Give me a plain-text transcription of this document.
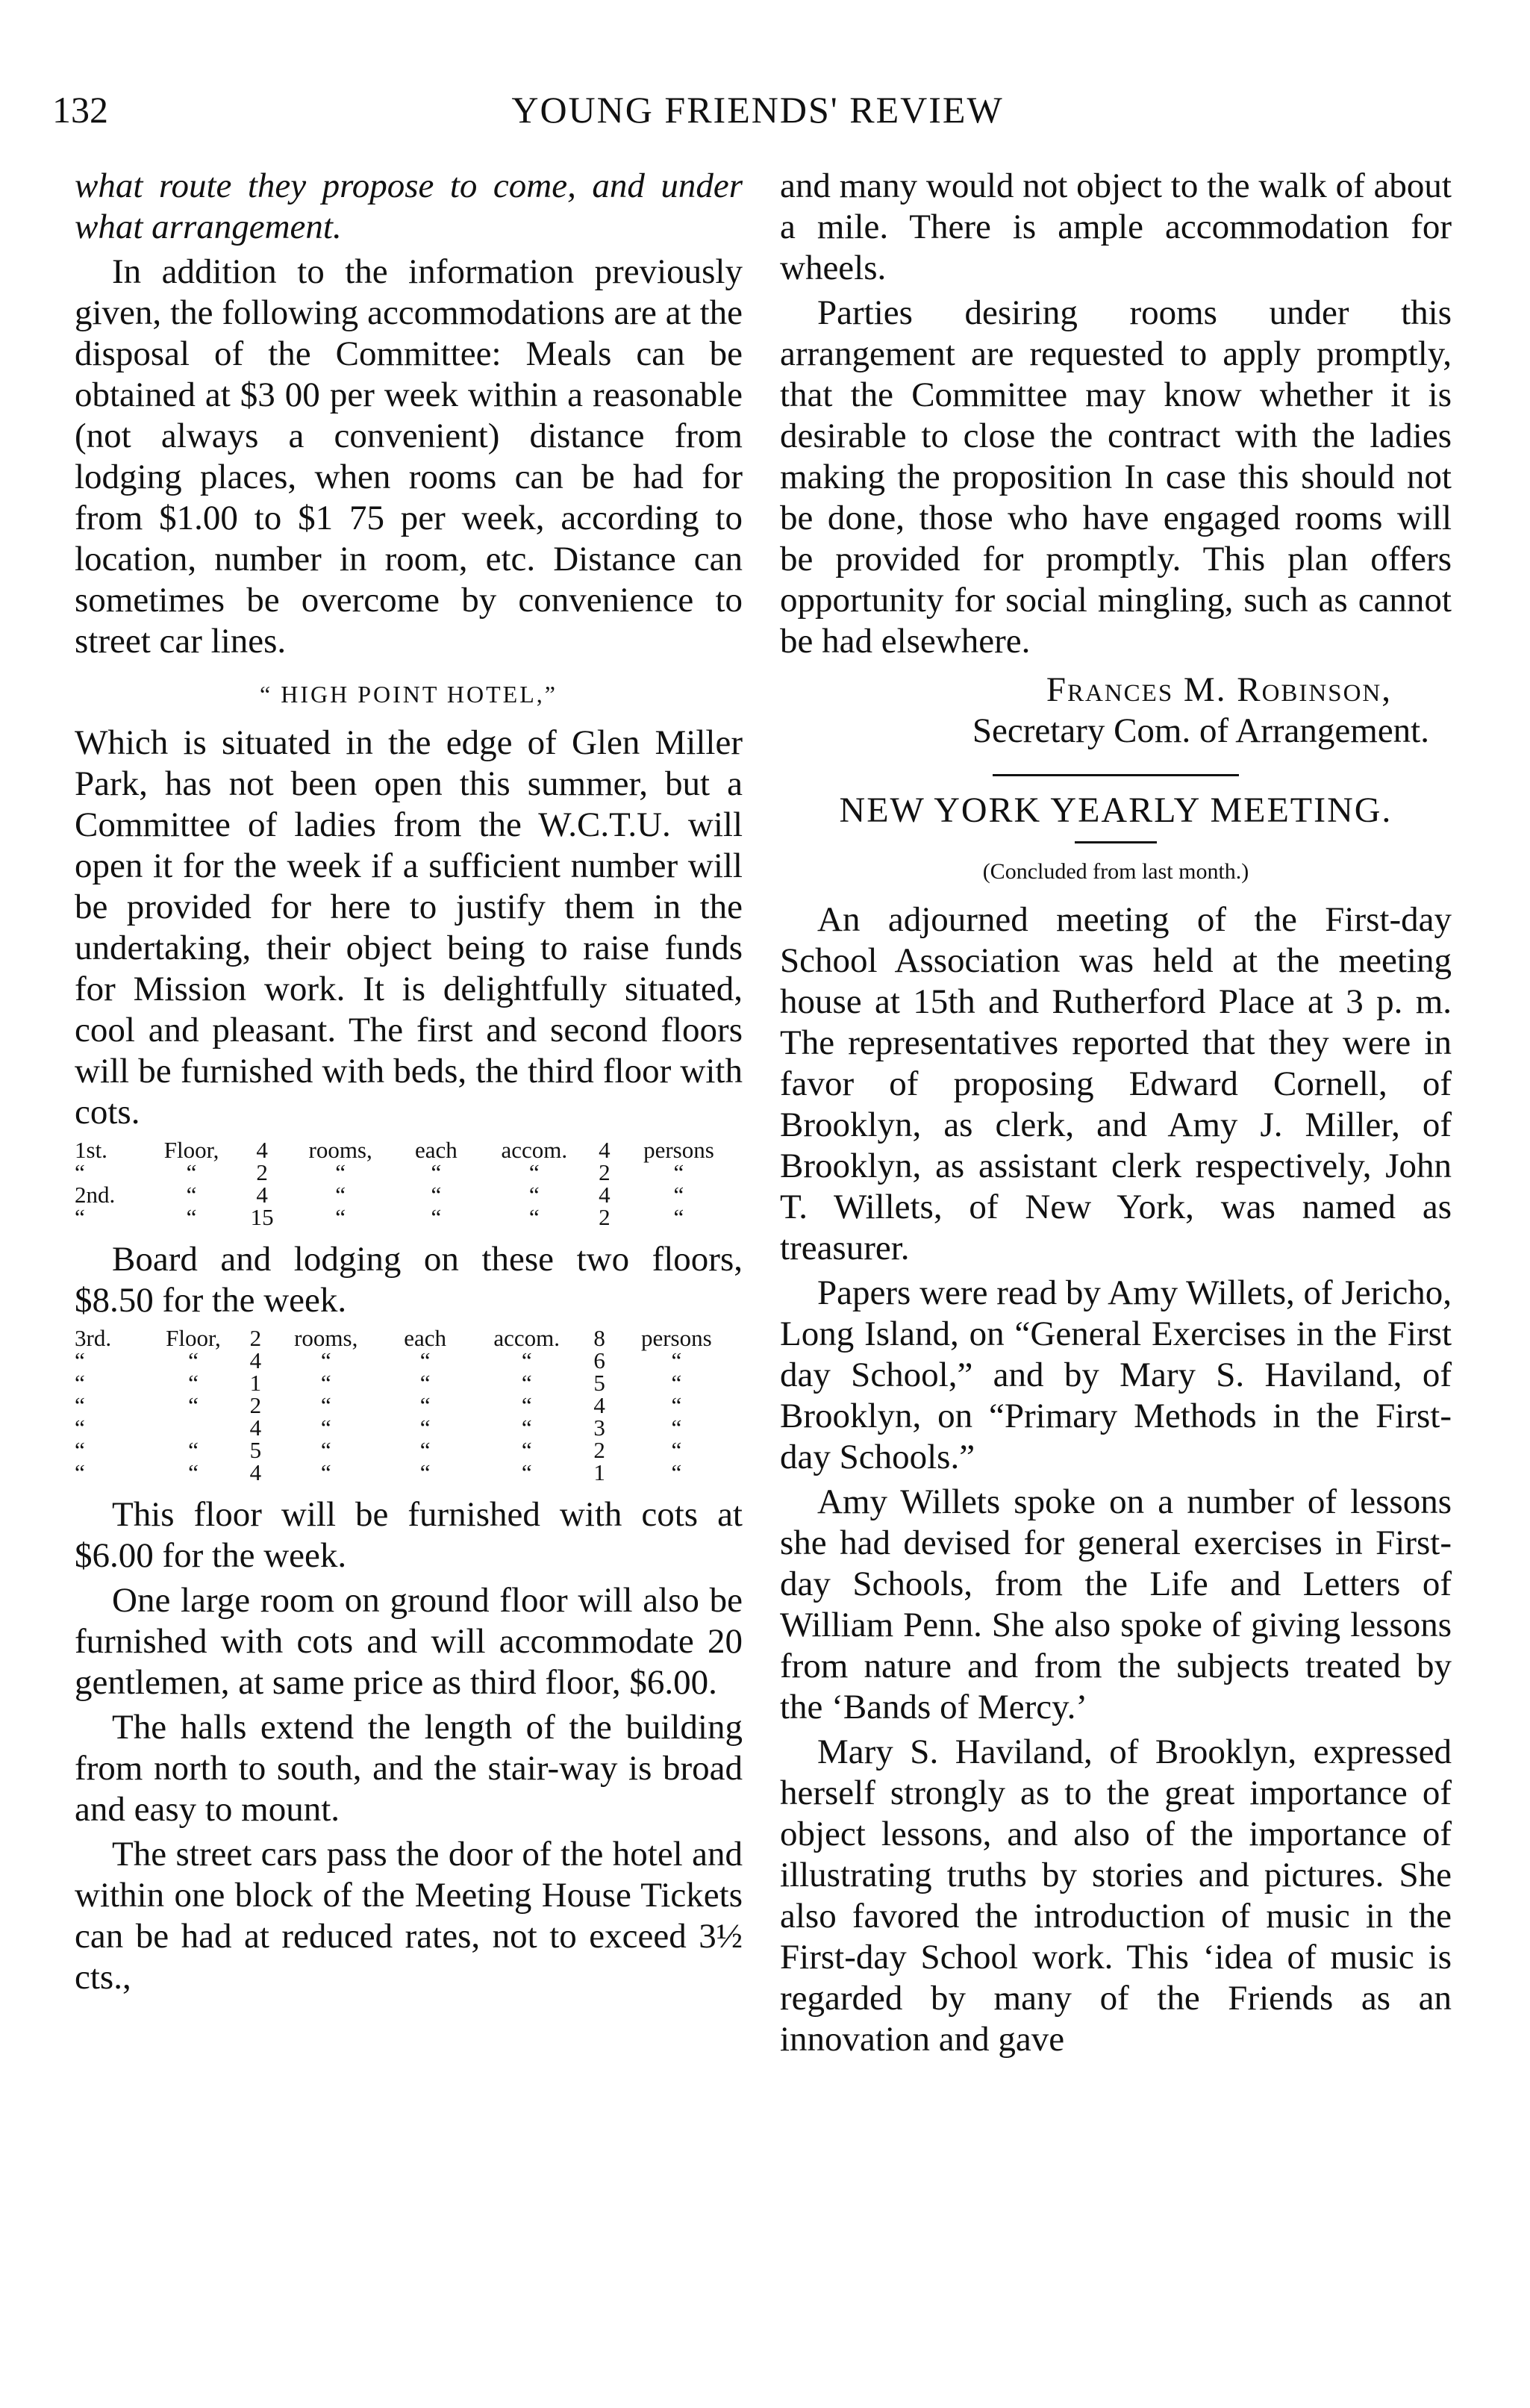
132	YOUNG FRIENDS' REVIEW

what route they propose to come, and under what arrangement.

In addition to the information previously given, the following accommodations are at the disposal of the Committee: Meals can be obtained at $3 00 per week within a reasonable (not always a convenient) distance from lodging places, when rooms can be had for from $1.00 to $1 75 per week, according to location, number in room, etc. Distance can sometimes be overcome by convenience to street car lines.

“ HIGH POINT HOTEL,”

Which is situated in the edge of Glen Miller Park, has not been open this summer, but a Committee of ladies from the W.C.T.U. will open it for the week if a sufficient number will be provided for here to justify them in the undertaking, their object being to raise funds for Mission work. It is delightfully situated, cool and pleasant. The first and second floors will be furnished with beds, the third floor with cots.

1st.	Floor,	4	rooms,	each	accom.	4	persons
“	“	2	“	“	“	2	“
2nd.	“	4	“	“	“	4	“
“	“	15	“	“	“	2	“

Board and lodging on these two floors, $8.50 for the week.

3rd.	Floor,	2	rooms,	each	accom.	8	persons
“	“	4	“	“	“	6	“
“	“	1	“	“	“	5	“
“	“	2	“	“	“	4	“
“		4	“	“	“	3	“
“	“	5	“	“	“	2	“
“	“	4	“	“	“	1	“

This floor will be furnished with cots at $6.00 for the week.

One large room on ground floor will also be furnished with cots and will accommodate 20 gentlemen, at same price as third floor, $6.00.

The halls extend the length of the building from north to south, and the stair-way is broad and easy to mount.

The street cars pass the door of the hotel and within one block of the Meeting House Tickets can be had at reduced rates, not to exceed 3½ cts.,

and many would not object to the walk of about a mile. There is ample accommodation for wheels.

Parties desiring rooms under this arrangement are requested to apply promptly, that the Committee may know whether it is desirable to close the contract with the ladies making the proposition In case this should not be done, those who have engaged rooms will be provided for promptly. This plan offers opportunity for social mingling, such as cannot be had elsewhere.

Frances M. Robinson,

Secretary Com. of Arrangement.

NEW YORK YEARLY MEETING.
(Concluded from last month.)

An adjourned meeting of the First-day School Association was held at the meeting house at 15th and Rutherford Place at 3 p. m. The representatives reported that they were in favor of proposing Edward Cornell, of Brooklyn, as clerk, and Amy J. Miller, of Brooklyn, as assistant clerk respectively, John T. Willets, of New York, was named as treasurer.

Papers were read by Amy Willets, of Jericho, Long Island, on “General Exercises in the First day School,” and by Mary S. Haviland, of Brooklyn, on “Primary Methods in the First-day Schools.”

Amy Willets spoke on a number of lessons she had devised for general exercises in First-day Schools, from the Life and Letters of William Penn. She also spoke of giving lessons from nature and from the subjects treated by the ‘Bands of Mercy.’

Mary S. Haviland, of Brooklyn, expressed herself strongly as to the great importance of object lessons, and also of the importance of illustrating truths by stories and pictures. She also favored the introduction of music in the First-day School work. This ‘idea of music is regarded by many of the Friends as an innovation and gave
